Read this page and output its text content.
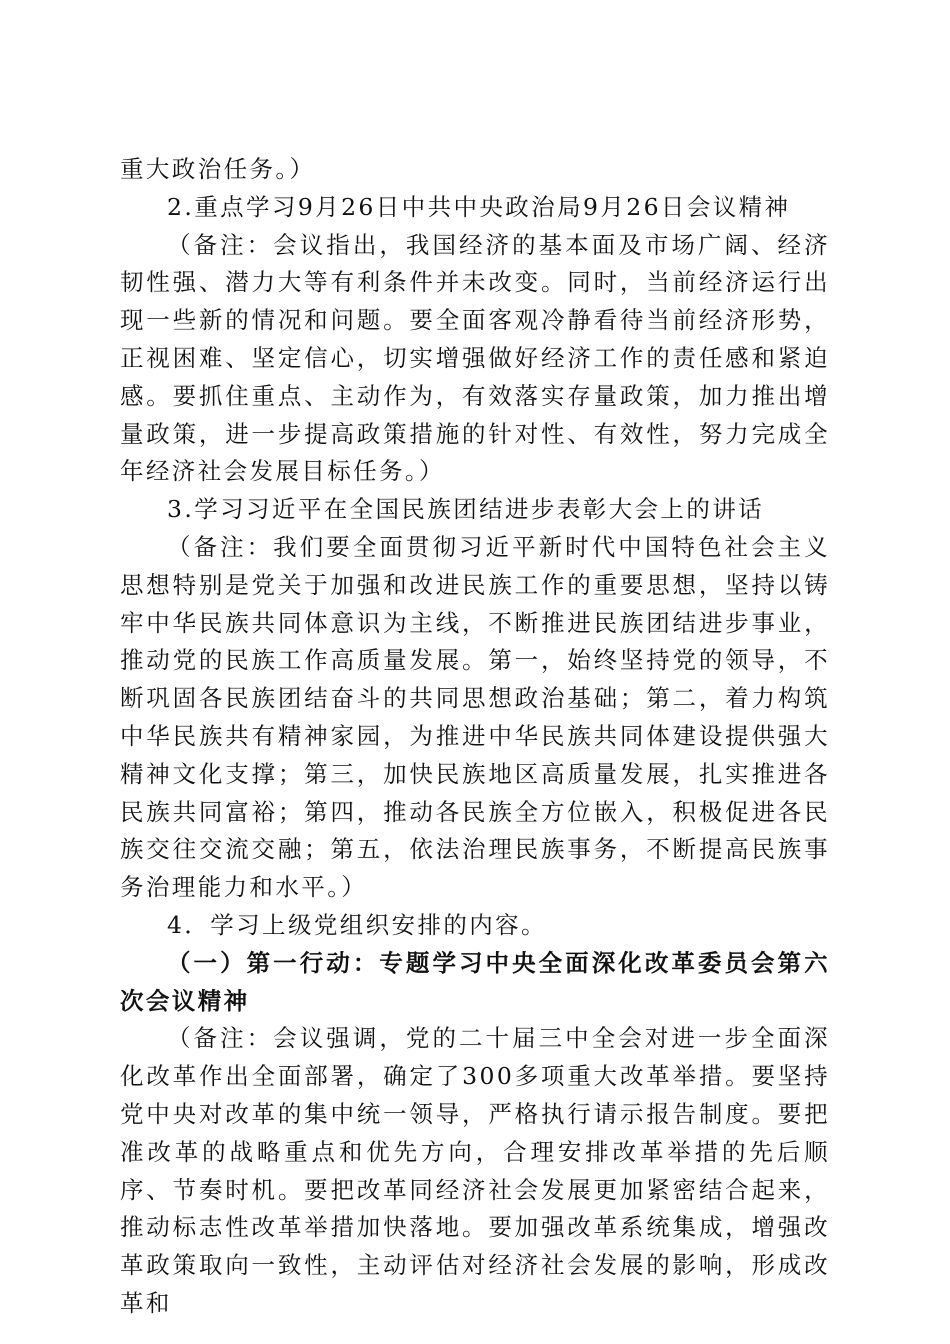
重大政治任务。）

2.重点学习9月26日中共中央政治局9月26日会议精神

（备注：会议指出，我国经济的基本面及市场广阔、经济韧性强、潜力大等有利条件并未改变。同时，当前经济运行出现一些新的情况和问题。要全面客观冷静看待当前经济形势，正视困难、坚定信心，切实增强做好经济工作的责任感和紧迫感。要抓住重点、主动作为，有效落实存量政策，加力推出增量政策，进一步提高政策措施的针对性、有效性，努力完成全年经济社会发展目标任务。）

3.学习习近平在全国民族团结进步表彰大会上的讲话

（备注：我们要全面贯彻习近平新时代中国特色社会主义思想特别是党关于加强和改进民族工作的重要思想，坚持以铸牢中华民族共同体意识为主线，不断推进民族团结进步事业，推动党的民族工作高质量发展。第一，始终坚持党的领导，不断巩固各民族团结奋斗的共同思想政治基础；第二，着力构筑中华民族共有精神家园，为推进中华民族共同体建设提供强大精神文化支撑；第三，加快民族地区高质量发展，扎实推进各民族共同富裕；第四，推动各民族全方位嵌入，积极促进各民族交往交流交融；第五，依法治理民族事务，不断提高民族事务治理能力和水平。）

4．学习上级党组织安排的内容。

（一）第一行动：专题学习中央全面深化改革委员会第六次会议精神

（备注：会议强调，党的二十届三中全会对进一步全面深化改革作出全面部署，确定了300多项重大改革举措。要坚持党中央对改革的集中统一领导，严格执行请示报告制度。要把准改革的战略重点和优先方向，合理安排改革举措的先后顺序、节奏时机。要把改革同经济社会发展更加紧密结合起来，推动标志性改革举措加快落地。要加强改革系统集成，增强改革政策取向一致性，主动评估对经济社会发展的影响，形成改革和
